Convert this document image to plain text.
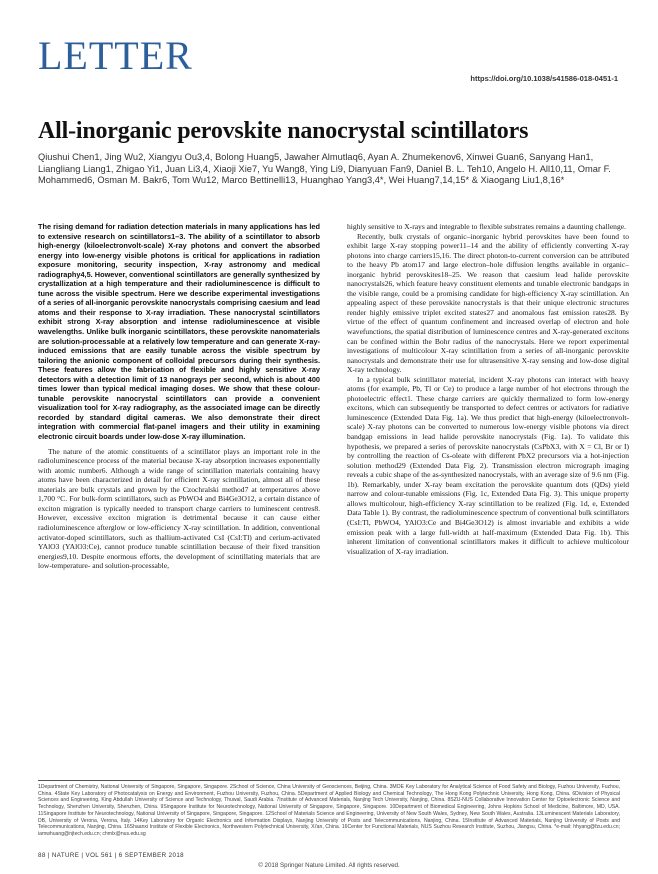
LETTER
https://doi.org/10.1038/s41586-018-0451-1
All-inorganic perovskite nanocrystal scintillators
Qiushui Chen1, Jing Wu2, Xiangyu Ou3,4, Bolong Huang5, Jawaher Almutlaq6, Ayan A. Zhumekenov6, Xinwei Guan6, Sanyang Han1, Liangliang Liang1, Zhigao Yi1, Juan Li3,4, Xiaoji Xie7, Yu Wang8, Ying Li9, Dianyuan Fan9, Daniel B. L. Teh10, Angelo H. All10,11, Omar F. Mohammed6, Osman M. Bakr6, Tom Wu12, Marco Bettinelli13, Huanghao Yang3,4*, Wei Huang7,14,15* & Xiaogang Liu1,8,16*

The rising demand for radiation detection materials in many applications has led to extensive research on scintillators1–3. The ability of a scintillator to absorb high-energy (kiloelectronvolt-scale) X-ray photons and convert the absorbed energy into low-energy visible photons is critical for applications in radiation exposure monitoring, security inspection, X-ray astronomy and medical radiography4,5. However, conventional scintillators are generally synthesized by crystallization at a high temperature and their radioluminescence is difficult to tune across the visible spectrum. Here we describe experimental investigations of a series of all-inorganic perovskite nanocrystals comprising caesium and lead atoms and their response to X-ray irradiation. These nanocrystal scintillators exhibit strong X-ray absorption and intense radioluminescence at visible wavelengths. Unlike bulk inorganic scintillators, these perovskite nanomaterials are solution-processable at a relatively low temperature and can generate X-ray-induced emissions that are easily tunable across the visible spectrum by tailoring the anionic component of colloidal precursors during their synthesis. These features allow the fabrication of flexible and highly sensitive X-ray detectors with a detection limit of 13 nanograys per second, which is about 400 times lower than typical medical imaging doses. We show that these colour-tunable perovskite nanocrystal scintillators can provide a convenient visualization tool for X-ray radiography, as the associated image can be directly recorded by standard digital cameras. We also demonstrate their direct integration with commercial flat-panel imagers and their utility in examining electronic circuit boards under low-dose X-ray illumination.

The nature of the atomic constituents of a scintillator plays an important role in the radioluminescence process of the material because X-ray absorption increases exponentially with atomic number6. Although a wide range of scintillation materials containing heavy atoms have been characterized in detail for efficient X-ray scintillation, almost all of these materials are bulk crystals and grown by the Czochralski method7 at temperatures above 1,700 °C. For bulk-form scintillators, such as PbWO4 and Bi4Ge3O12, a certain distance of exciton migration is typically needed to transport charge carriers to luminescent centres8. However, excessive exciton migration is detrimental because it can cause either radioluminescence afterglow or low-efficiency X-ray scintillation. In addition, conventional activator-doped scintillators, such as thallium-activated CsI (CsI:Tl) and cerium-activated YAlO3 (YAlO3:Ce), cannot produce tunable scintillation because of their fixed transition energies9,10. Despite enormous efforts, the development of scintillating materials that are low-temperature- and solution-processable,

highly sensitive to X-rays and integrable to flexible substrates remains a daunting challenge.

Recently, bulk crystals of organic–inorganic hybrid perovskites have been found to exhibit large X-ray stopping power11–14 and the ability of efficiently converting X-ray photons into charge carriers15,16. The direct photon-to-current conversion can be attributed to the heavy Pb atom17 and large electron–hole diffusion lengths available in organic–inorganic hybrid perovskites18–25. We reason that caesium lead halide perovskite nanocrystals26, which feature heavy constituent elements and tunable electronic bandgaps in the visible range, could be a promising candidate for high-efficiency X-ray scintillation. An appealing aspect of these perovskite nanocrystals is that their unique electronic structures render highly emissive triplet excited states27 and anomalous fast emission rates28. By virtue of the effect of quantum confinement and increased overlap of electron and hole wavefunctions, the spatial distribution of luminescence centres and X-ray-generated excitons can be confined within the Bohr radius of the nanocrystals. Here we report experimental investigations of multicolour X-ray scintillation from a series of all-inorganic perovskite nanocrystals and demonstrate their use for ultrasensitive X-ray sensing and low-dose digital X-ray technology.

In a typical bulk scintillator material, incident X-ray photons can interact with heavy atoms (for example, Pb, Tl or Ce) to produce a large number of hot electrons through the photoelectric effect1. These charge carriers are quickly thermalized to form low-energy excitons, which can subsequently be transported to defect centres or activators for radiative luminescence (Extended Data Fig. 1a). We thus predict that high-energy (kiloelectronvolt-scale) X-ray photons can be converted to numerous low-energy visible photons via direct bandgap emissions in lead halide perovskite nanocrystals (Fig. 1a). To validate this hypothesis, we prepared a series of perovskite nanocrystals (CsPbX3, with X = Cl, Br or I) by controlling the reaction of Cs-oleate with different PbX2 precursors via a hot-injection solution method29 (Extended Data Fig. 2). Transmission electron micrograph imaging reveals a cubic shape of the as-synthesized nanocrystals, with an average size of 9.6 nm (Fig. 1b). Remarkably, under X-ray beam excitation the perovskite quantum dots (QDs) yield narrow and colour-tunable emissions (Fig. 1c, Extended Data Fig. 3). This unique property allows multicolour, high-efficiency X-ray scintillation to be realized (Fig. 1d, e, Extended Data Table 1). By contrast, the radioluminescence spectrum of conventional bulk scintillators (CsI:Tl, PbWO4, YAlO3:Ce and Bi4Ge3O12) is almost invariable and exhibits a wide emission peak with a large full-width at half-maximum (Extended Data Fig. 1b). This inherent limitation of conventional scintillators makes it difficult to achieve multicolour visualization of X-ray irradiation.

1Department of Chemistry, National University of Singapore, Singapore, Singapore. 2School of Science, China University of Geosciences, Beijing, China. 3MOE Key Laboratory for Analytical Science of Food Safety and Biology, Fuzhou University, Fuzhou, China. 4State Key Laboratory of Photocatalysis on Energy and Environment, Fuzhou University, Fuzhou, China. 5Department of Applied Biology and Chemical Technology, The Hong Kong Polytechnic University, Hong Kong, China. 6Division of Physical Sciences and Engineering, King Abdullah University of Science and Technology, Thuwal, Saudi Arabia. 7Institute of Advanced Materials, Nanjing Tech University, Nanjing, China. 8SZU-NUS Collaborative Innovation Center for Optoelectronic Science and Technology, Shenzhen University, Shenzhen, China. 9Singapore Institute for Neurotechnology, National University of Singapore, Singapore, Singapore. 10Department of Biomedical Engineering, Johns Hopkins School of Medicine, Baltimore, MD, USA. 11Singapore Institute for Neurotechnology, National University of Singapore, Singapore, Singapore. 12School of Materials Science and Engineering, University of New South Wales, Sydney, New South Wales, Australia. 13Luminescent Materials Laboratory, DB, University of Verona, Verona, Italy. 14Key Laboratory for Organic Electronics and Information Displays, Nanjing University of Posts and Telecommunications, Nanjing, China. 15Institute of Advanced Materials, Nanjing University of Posts and Telecommunications, Nanjing, China. 16Shaanxi Institute of Flexible Electronics, Northwestern Polytechnical University, Xi'an, China. 16Center for Functional Materials, NUS Suzhou Research Institute, Suzhou, Jiangsu, China. *e-mail: hhyang@fzu.edu.cn; iamwhuang@njtech.edu.cn; chmlx@nus.edu.sg
88 | NATURE | VOL 561 | 6 SEPTEMBER 2018
© 2018 Springer Nature Limited. All rights reserved.
